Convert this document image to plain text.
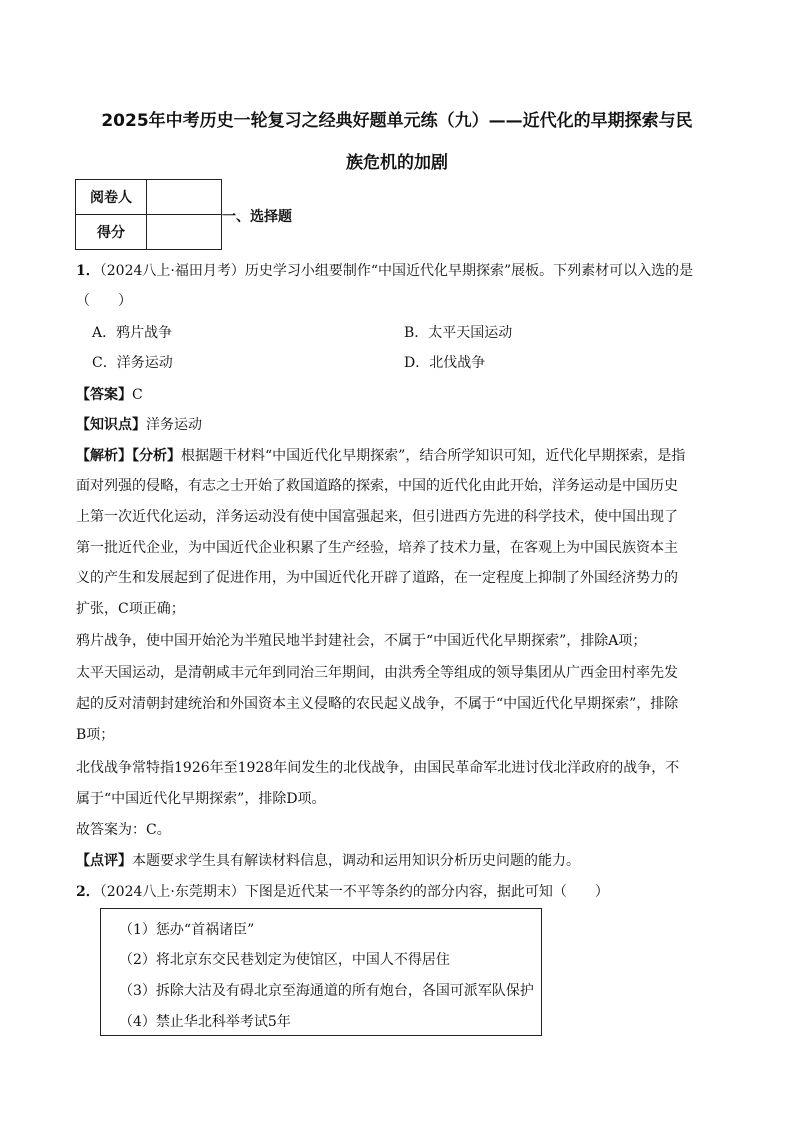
2025年中考历史一轮复习之经典好题单元练（九）——近代化的早期探索与民
族危机的加剧
阅卷人	
得分	
一、选择题
1．（2024八上·福田月考）历史学习小组要制作“中国近代化早期探索”展板。下列素材可以入选的是
（　　）
A．鸦片战争	B．太平天国运动
C．洋务运动	D．北伐战争
【答案】C
【知识点】洋务运动
【解析】【分析】根据题干材料“中国近代化早期探索”，结合所学知识可知，近代化早期探索，是指
面对列强的侵略，有志之士开始了救国道路的探索，中国的近代化由此开始，洋务运动是中国历史
上第一次近代化运动，洋务运动没有使中国富强起来，但引进西方先进的科学技术，使中国出现了
第一批近代企业，为中国近代企业积累了生产经验，培养了技术力量，在客观上为中国民族资本主
义的产生和发展起到了促进作用，为中国近代化开辟了道路，在一定程度上抑制了外国经济势力的
扩张，C项正确；
鸦片战争，使中国开始沦为半殖民地半封建社会，不属于“中国近代化早期探索”，排除A项；
太平天国运动，是清朝咸丰元年到同治三年期间，由洪秀全等组成的领导集团从广西金田村率先发
起的反对清朝封建统治和外国资本主义侵略的农民起义战争，不属于“中国近代化早期探索”，排除
B项；
北伐战争常特指1926年至1928年间发生的北伐战争，由国民革命军北进讨伐北洋政府的战争，不
属于“中国近代化早期探索”，排除D项。
故答案为：C。
【点评】本题要求学生具有解读材料信息，调动和运用知识分析历史问题的能力。
2．（2024八上·东莞期末）下图是近代某一不平等条约的部分内容，据此可知（　　）
（1）惩办“首祸诸臣”
（2）将北京东交民巷划定为使馆区，中国人不得居住
（3）拆除大沽及有碍北京至海通道的所有炮台，各国可派军队保护
（4）禁止华北科举考试5年
